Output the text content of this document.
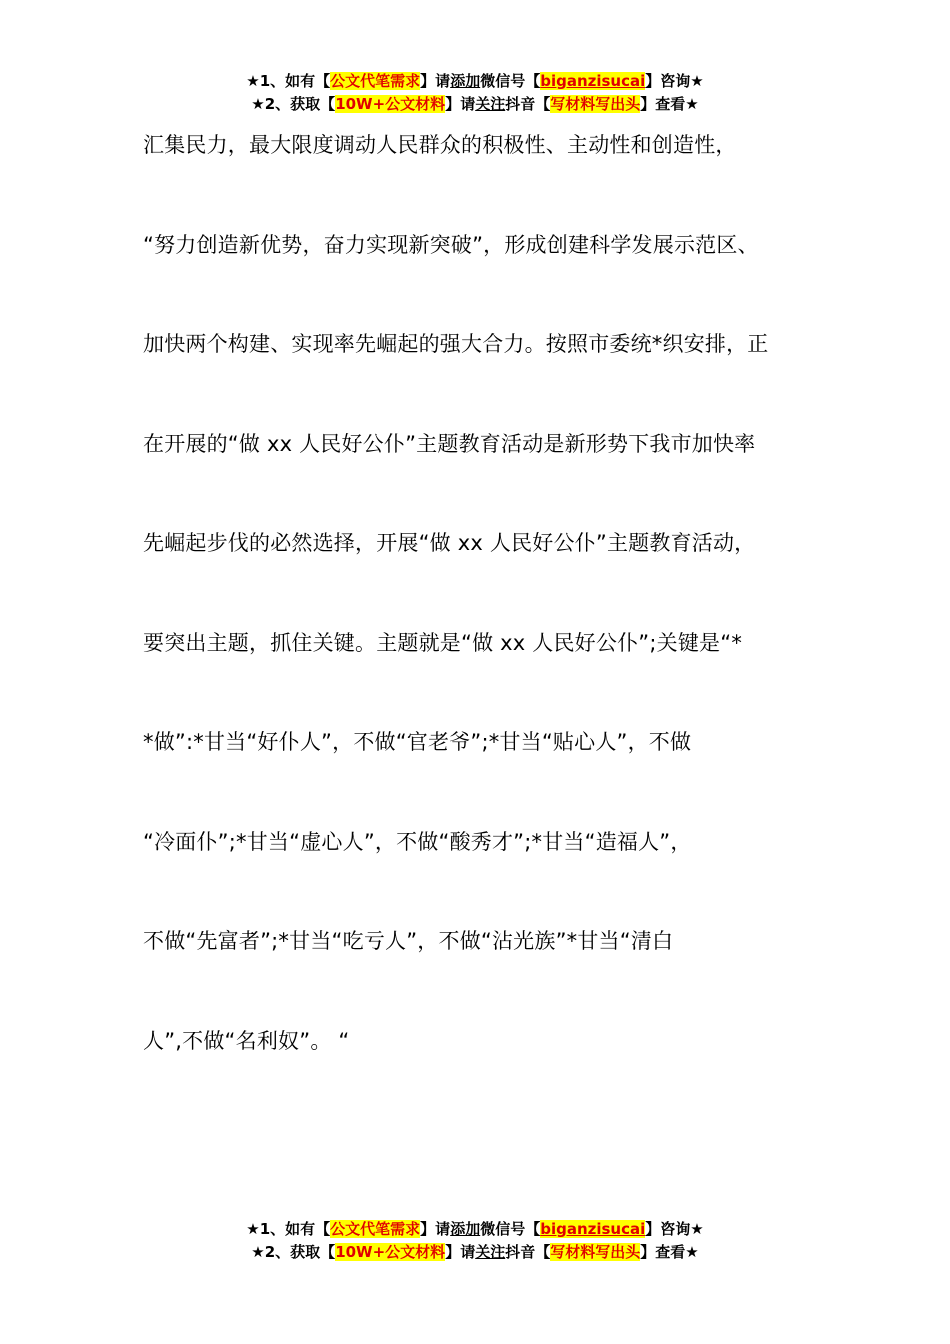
★1、如有【公文代笔需求】请添加微信号【biganzisucai】咨询★
★2、获取【10W+公文材料】请关注抖音【写材料写出头】查看★
汇集民力，最大限度调动人民群众的积极性、主动性和创造性，
“努力创造新优势，奋力实现新突破”，形成创建科学发展示范区、
加快两个构建、实现率先崛起的强大合力。按照市委统*织安排，正
在开展的“做 xx 人民好公仆”主题教育活动是新形势下我市加快率
先崛起步伐的必然选择，开展“做 xx 人民好公仆”主题教育活动，
要突出主题，抓住关键。主题就是“做 xx 人民好公仆”;关键是“*
*做”:*甘当“好仆人”，不做“官老爷”;*甘当“贴心人”，不做
“冷面仆”;*甘当“虚心人”，不做“酸秀才”;*甘当“造福人”，
不做“先富者”;*甘当“吃亏人”，不做“沾光族”*甘当“清白
人”,不做“名利奴”。 “
★1、如有【公文代笔需求】请添加微信号【biganzisucai】咨询★
★2、获取【10W+公文材料】请关注抖音【写材料写出头】查看★
